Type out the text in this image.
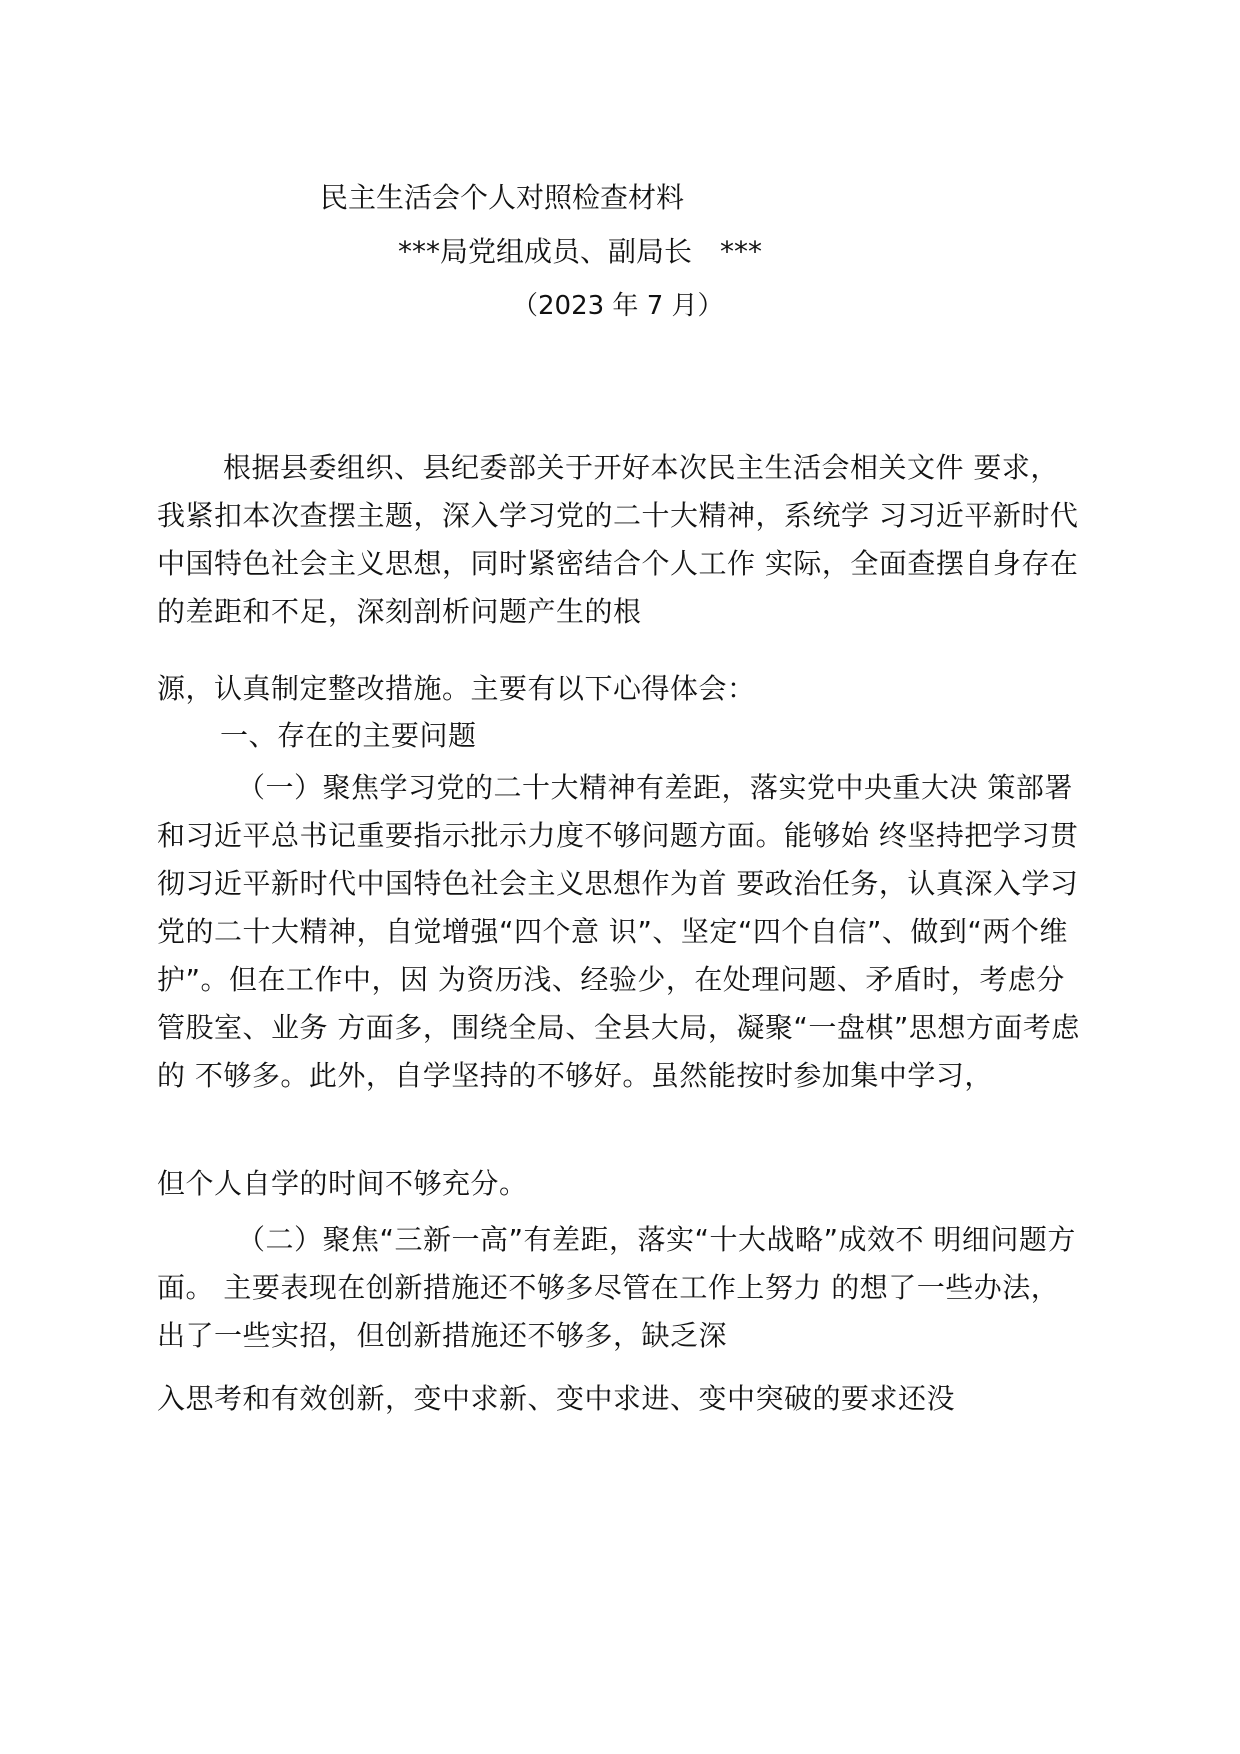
民主生活会个人对照检查材料
***局党组成员、副局长　***
（2023 年 7 月）

根据县委组织、县纪委部关于开好本次民主生活会相关文件 要求，我紧扣本次查摆主题，深入学习党的二十大精神，系统学 习习近平新时代中国特色社会主义思想，同时紧密结合个人工作 实际，全面查摆自身存在的差距和不足，深刻剖析问题产生的根

源，认真制定整改措施。主要有以下心得体会：

一、存在的主要问题

（一）聚焦学习党的二十大精神有差距，落实党中央重大决 策部署和习近平总书记重要指示批示力度不够问题方面。能够始 终坚持把学习贯彻习近平新时代中国特色社会主义思想作为首 要政治任务，认真深入学习党的二十大精神，自觉增强“四个意 识”、坚定“四个自信”、做到“两个维护”。但在工作中，因 为资历浅、经验少，在处理问题、矛盾时，考虑分管股室、业务 方面多，围绕全局、全县大局，凝聚“一盘棋”思想方面考虑的 不够多。此外，自学坚持的不够好。虽然能按时参加集中学习，

但个人自学的时间不够充分。

（二）聚焦“三新一高”有差距，落实“十大战略”成效不 明细问题方面。 主要表现在创新措施还不够多尽管在工作上努力 的想了一些办法，出了一些实招，但创新措施还不够多，缺乏深

入思考和有效创新，变中求新、变中求进、变中突破的要求还没
